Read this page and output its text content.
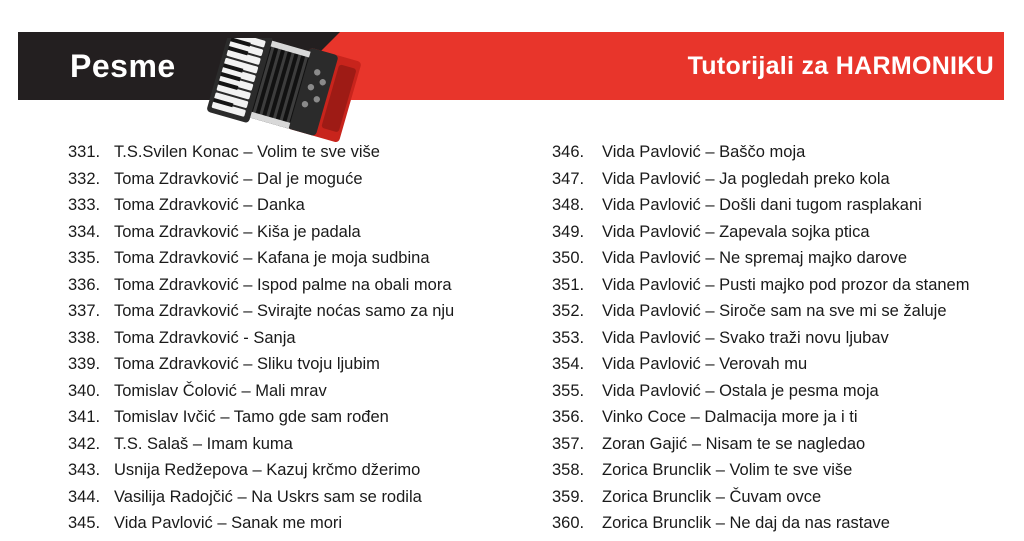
Pesme	Tutorijali za HARMONIKU
331. T.S.Svilen Konac – Volim te sve više
332. Toma Zdravković – Dal je moguće
333. Toma Zdravković – Danka
334. Toma Zdravković – Kiša je padala
335. Toma Zdravković – Kafana je moja sudbina
336. Toma Zdravković – Ispod palme na obali mora
337. Toma Zdravković – Svirajte noćas samo za nju
338. Toma Zdravković - Sanja
339. Toma Zdravković – Sliku tvoju ljubim
340. Tomislav Čolović – Mali mrav
341. Tomislav Ivčić – Tamo gde sam rođen
342. T.S. Salaš – Imam kuma
343. Usnija Redžepova – Kazuj krčmo džerimo
344. Vasilija Radojčić – Na Uskrs sam se rodila
345. Vida Pavlović – Sanak me mori
346.	Vida Pavlović – Baščo moja
347.	Vida Pavlović – Ja pogledah preko kola
348.	Vida Pavlović – Došli dani tugom rasplakani
349.	Vida Pavlović – Zapevala sojka ptica
350.	Vida Pavlović – Ne spremaj majko darove
351.	Vida Pavlović – Pusti majko pod prozor da stanem
352.	Vida Pavlović – Siroče sam na sve mi se žaluje
353.	Vida Pavlović – Svako traži novu ljubav
354.	Vida Pavlović – Verovah mu
355.	Vida Pavlović – Ostala je pesma moja
356.	Vinko Coce – Dalmacija more ja i ti
357.	Zoran Gajić – Nisam te se nagledao
358.	Zorica Brunclik – Volim te sve više
359.	Zorica Brunclik – Čuvam ovce
360.	Zorica Brunclik – Ne daj da nas rastave
